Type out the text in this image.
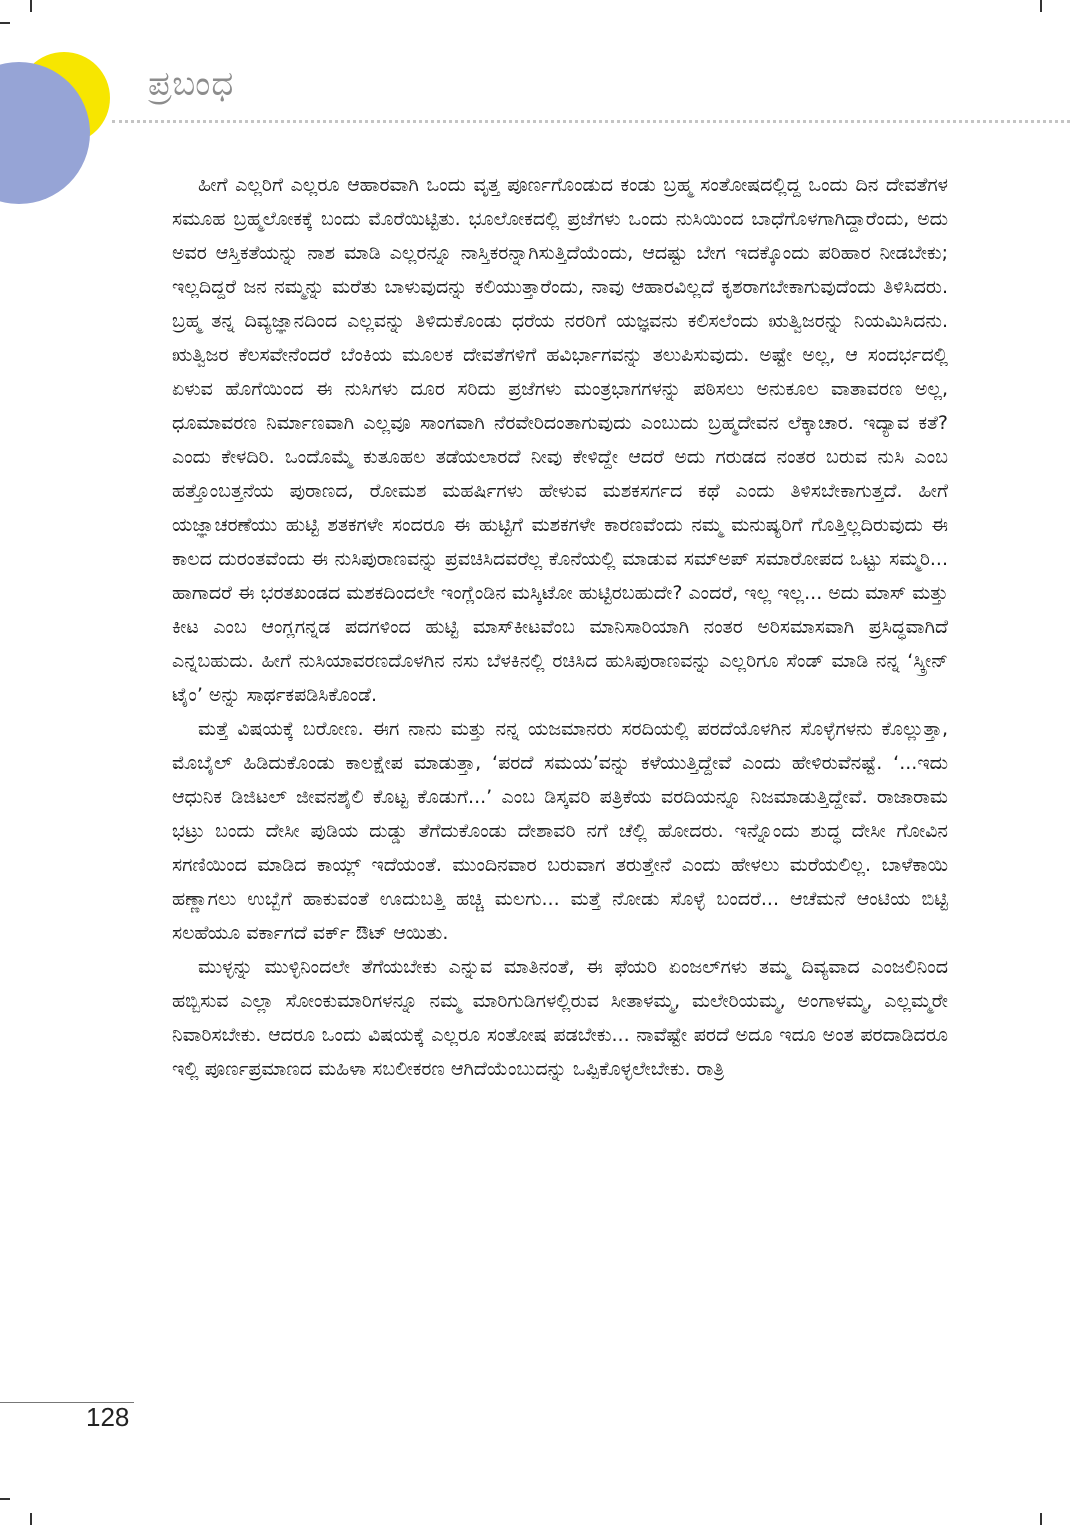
ಪ್ರಬಂಧ

ಹೀಗೆ ಎಲ್ಲರಿಗೆ ಎಲ್ಲರೂ ಆಹಾರವಾಗಿ ಒಂದು ವೃತ್ತ ಪೂರ್ಣಗೊಂಡುದ ಕಂಡು ಬ್ರಹ್ಮ ಸಂತೋಷದಲ್ಲಿದ್ದ ಒಂದು ದಿನ ದೇವತೆಗಳ ಸಮೂಹ ಬ್ರಹ್ಮಲೋಕಕ್ಕೆ ಬಂದು ಮೊರೆಯಿಟ್ಟಿತು. ಭೂಲೋಕದಲ್ಲಿ ಪ್ರಜೆಗಳು ಒಂದು ನುಸಿಯಿಂದ ಬಾಧೆಗೊಳಗಾಗಿದ್ದಾರೆಂದು, ಅದು ಅವರ ಆಸ್ತಿಕತೆಯನ್ನು ನಾಶ ಮಾಡಿ ಎಲ್ಲರನ್ನೂ ನಾಸ್ತಿಕರನ್ನಾಗಿಸುತ್ತಿದೆಯೆಂದು, ಆದಷ್ಟು ಬೇಗ ಇದಕ್ಕೊಂದು ಪರಿಹಾರ ನೀಡಬೇಕು; ಇಲ್ಲದಿದ್ದರೆ ಜನ ನಮ್ಮನ್ನು ಮರೆತು ಬಾಳುವುದನ್ನು ಕಲಿಯುತ್ತಾರೆಂದು, ನಾವು ಆಹಾರವಿಲ್ಲದೆ ಕೃಶರಾಗಬೇಕಾಗುವುದೆಂದು ತಿಳಿಸಿದರು. ಬ್ರಹ್ಮ ತನ್ನ ದಿವ್ಯಜ್ಞಾನದಿಂದ ಎಲ್ಲವನ್ನು ತಿಳಿದುಕೊಂಡು ಧರೆಯ ನರರಿಗೆ ಯಜ್ಞವನು ಕಲಿಸಲೆಂದು ಋತ್ವಿಜರನ್ನು ನಿಯಮಿಸಿದನು. ಋತ್ವಿಜರ ಕೆಲಸವೇನೆಂದರೆ ಬೆಂಕಿಯ ಮೂಲಕ ದೇವತೆಗಳಿಗೆ ಹವಿರ್ಭಾಗವನ್ನು ತಲುಪಿಸುವುದು. ಅಷ್ಟೇ ಅಲ್ಲ, ಆ ಸಂದರ್ಭದಲ್ಲಿ ಏಳುವ ಹೊಗೆಯಿಂದ ಈ ನುಸಿಗಳು ದೂರ ಸರಿದು ಪ್ರಜೆಗಳು ಮಂತ್ರಭಾಗಗಳನ್ನು ಪಠಿಸಲು ಅನುಕೂಲ ವಾತಾವರಣ ಅಲ್ಲ, ಧೂಮಾವರಣ ನಿರ್ಮಾಣವಾಗಿ ಎಲ್ಲವೂ ಸಾಂಗವಾಗಿ ನೆರವೇರಿದಂತಾಗುವುದು ಎಂಬುದು ಬ್ರಹ್ಮದೇವನ ಲೆಕ್ಕಾಚಾರ. ಇದ್ಯಾವ ಕತೆ? ಎಂದು ಕೇಳದಿರಿ. ಒಂದೊಮ್ಮೆ ಕುತೂಹಲ ತಡೆಯಲಾರದೆ ನೀವು ಕೇಳಿದ್ದೇ ಆದರೆ ಅದು ಗರುಡದ ನಂತರ ಬರುವ ನುಸಿ ಎಂಬ ಹತ್ತೊಂಬತ್ತನೆಯ ಪುರಾಣದ, ರೋಮಶ ಮಹರ್ಷಿಗಳು ಹೇಳುವ ಮಶಕಸರ್ಗದ ಕಥೆ ಎಂದು ತಿಳಿಸಬೇಕಾಗುತ್ತದೆ. ಹೀಗೆ ಯಜ್ಞಾಚರಣೆಯು ಹುಟ್ಟಿ ಶತಕಗಳೇ ಸಂದರೂ ಈ ಹುಟ್ಟಿಗೆ ಮಶಕಗಳೇ ಕಾರಣವೆಂದು ನಮ್ಮ ಮನುಷ್ಯರಿಗೆ ಗೊತ್ತಿಲ್ಲದಿರುವುದು ಈ ಕಾಲದ ದುರಂತವೆಂದು ಈ ನುಸಿಪುರಾಣವನ್ನು ಪ್ರವಚಿಸಿದವರೆಲ್ಲ ಕೊನೆಯಲ್ಲಿ ಮಾಡುವ ಸಮ್‌ಅಪ್ ಸಮಾರೋಪದ ಒಟ್ಟು ಸಮ್ಮರಿ... ಹಾಗಾದರೆ ಈ ಭರತಖಂಡದ ಮಶಕದಿಂದಲೇ ಇಂಗ್ಲೆಂಡಿನ ಮಸ್ಕಿಟೋ ಹುಟ್ಟಿರಬಹುದೇ? ಎಂದರೆ, ಇಲ್ಲ ಇಲ್ಲ... ಅದು ಮಾಸ್ ಮತ್ತು ಕೀಟ ಎಂಬ ಆಂಗ್ಲಗನ್ನಡ ಪದಗಳಿಂದ ಹುಟ್ಟಿ ಮಾಸ್‌ಕೀಟವೆಂಬ ಮಾನಿಸಾರಿಯಾಗಿ ನಂತರ ಅರಿಸಮಾಸವಾಗಿ ಪ್ರಸಿದ್ಧವಾಗಿದೆ ಎನ್ನಬಹುದು. ಹೀಗೆ ನುಸಿಯಾವರಣದೊಳಗಿನ ನಸು ಬೆಳಕಿನಲ್ಲಿ ರಚಿಸಿದ ಹುಸಿಪುರಾಣವನ್ನು ಎಲ್ಲರಿಗೂ ಸೆಂಡ್ ಮಾಡಿ ನನ್ನ ‘ಸ್ಕ್ರೀನ್ ಟೈಂ’ ಅನ್ನು ಸಾರ್ಥಕಪಡಿಸಿಕೊಂಡೆ.

ಮತ್ತೆ ವಿಷಯಕ್ಕೆ ಬರೋಣ. ಈಗ ನಾನು ಮತ್ತು ನನ್ನ ಯಜಮಾನರು ಸರದಿಯಲ್ಲಿ ಪರದೆಯೊಳಗಿನ ಸೊಳ್ಳೆಗಳನು ಕೊಲ್ಲುತ್ತಾ, ಮೊಬೈಲ್ ಹಿಡಿದುಕೊಂಡು ಕಾಲಕ್ಷೇಪ ಮಾಡುತ್ತಾ, ‘ಪರದೆ ಸಮಯ’ವನ್ನು ಕಳೆಯುತ್ತಿದ್ದೇವೆ ಎಂದು ಹೇಳಿರುವೆನಷ್ಟೆ. ‘...ಇದು ಆಧುನಿಕ ಡಿಜಿಟಲ್ ಜೀವನಶೈಲಿ ಕೊಟ್ಟ ಕೊಡುಗೆ...’ ಎಂಬ ಡಿಸ್ಕವರಿ ಪತ್ರಿಕೆಯ ವರದಿಯನ್ನೂ ನಿಜಮಾಡುತ್ತಿದ್ದೇವೆ. ರಾಜಾರಾಮ ಭಟ್ರು ಬಂದು ದೇಸೀ ಪುಡಿಯ ದುಡ್ಡು ತೆಗೆದುಕೊಂಡು ದೇಶಾವರಿ ನಗೆ ಚೆಲ್ಲಿ ಹೋದರು. ಇನ್ನೊಂದು ಶುದ್ಧ ದೇಸೀ ಗೋವಿನ ಸಗಣಿಯಿಂದ ಮಾಡಿದ ಕಾಯ್ಲ್ ಇದೆಯಂತೆ. ಮುಂದಿನವಾರ ಬರುವಾಗ ತರುತ್ತೇನೆ ಎಂದು ಹೇಳಲು ಮರೆಯಲಿಲ್ಲ. ಬಾಳೆಕಾಯಿ ಹಣ್ಣಾಗಲು ಉಬ್ಬೆಗೆ ಹಾಕುವಂತೆ ಊದುಬತ್ತಿ ಹಚ್ಚಿ ಮಲಗು... ಮತ್ತೆ ನೋಡು ಸೊಳ್ಳೆ ಬಂದರೆ... ಆಚೆಮನೆ ಆಂಟಿಯ ಬಿಟ್ಟಿ ಸಲಹೆಯೂ ವರ್ಕಾಗದೆ ವರ್ಕ್ ಔಟ್ ಆಯಿತು.

ಮುಳ್ಳನ್ನು ಮುಳ್ಳಿನಿಂದಲೇ ತೆಗೆಯಬೇಕು ಎನ್ನುವ ಮಾತಿನಂತೆ, ಈ ಫೆಯರಿ ಏಂಜಲ್‌ಗಳು ತಮ್ಮ ದಿವ್ಯವಾದ ಎಂಜಲಿನಿಂದ ಹಬ್ಬಿಸುವ ಎಲ್ಲಾ ಸೋಂಕುಮಾರಿಗಳನ್ನೂ ನಮ್ಮ ಮಾರಿಗುಡಿಗಳಲ್ಲಿರುವ ಸೀತಾಳಮ್ಮ, ಮಲೇರಿಯಮ್ಮ, ಅಂಗಾಳಮ್ಮ, ಎಲ್ಲಮ್ಮರೇ ನಿವಾರಿಸಬೇಕು. ಆದರೂ ಒಂದು ವಿಷಯಕ್ಕೆ ಎಲ್ಲರೂ ಸಂತೋಷ ಪಡಬೇಕು... ನಾವೆಷ್ಟೇ ಪರದೆ ಅದೂ ಇದೂ ಅಂತ ಪರದಾಡಿದರೂ ಇಲ್ಲಿ ಪೂರ್ಣಪ್ರಮಾಣದ ಮಹಿಳಾ ಸಬಲೀಕರಣ ಆಗಿದೆಯೆಂಬುದನ್ನು ಒಪ್ಪಿಕೊಳ್ಳಲೇಬೇಕು. ರಾತ್ರಿ

128
